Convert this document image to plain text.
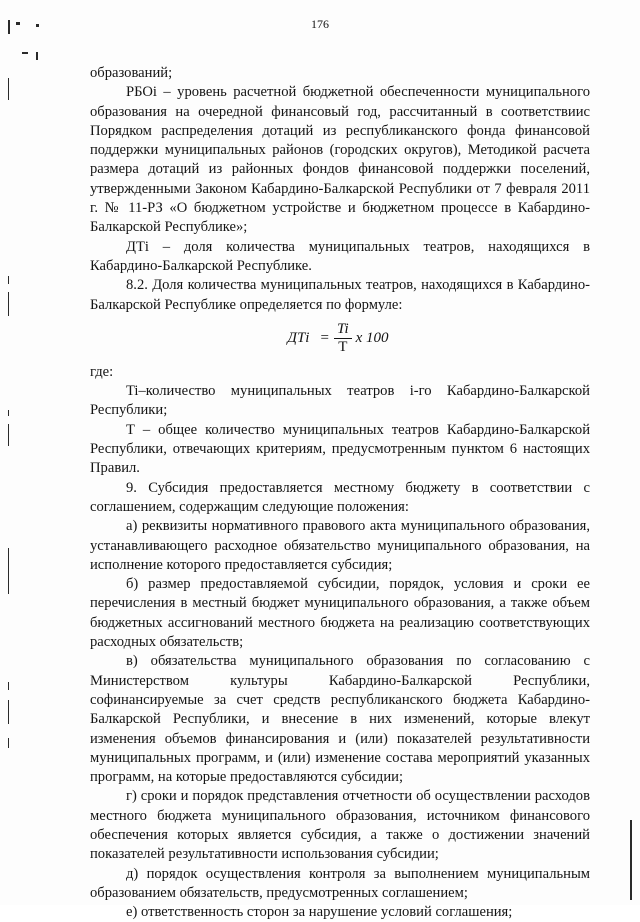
176

образований;

РБОi – уровень расчетной бюджетной обеспеченности муниципального образования на очередной финансовый год, рассчитанный в соответствиис Порядком распределения дотаций из республиканского фонда финансовой поддержки муниципальных районов (городских округов), Методикой расчета размера дотаций из районных фондов финансовой поддержки поселений, утвержденными Законом Кабардино-Балкарской Республики от 7 февраля 2011 г. № 11-РЗ «О бюджетном устройстве и бюджетном процессе в Кабардино-Балкарской Республике»;

ДТi – доля количества муниципальных театров, находящихся в Кабардино-Балкарской Республике.

8.2. Доля количества муниципальных театров, находящихся в Кабардино-Балкарской Республике определяется по формуле:

ДТi = $\frac{Ti}{T}$ x 100

где:

Ti–количество муниципальных театров i-го Кабардино-Балкарской Республики;

Т – общее количество муниципальных театров Кабардино-Балкарской Республики, отвечающих критериям, предусмотренным пунктом 6 настоящих Правил.

9. Субсидия предоставляется местному бюджету в соответствии с соглашением, содержащим следующие положения:

а) реквизиты нормативного правового акта муниципального образования, устанавливающего расходное обязательство муниципального образования, на исполнение которого предоставляется субсидия;

б) размер предоставляемой субсидии, порядок, условия и сроки ее перечисления в местный бюджет муниципального образования, а также объем бюджетных ассигнований местного бюджета на реализацию соответствующих расходных обязательств;

в) обязательства муниципального образования по согласованию с Министерством культуры Кабардино-Балкарской Республики, софинансируемые за счет средств республиканского бюджета Кабардино-Балкарской Республики, и внесение в них изменений, которые влекут изменения объемов финансирования и (или) показателей результативности муниципальных программ, и (или) изменение состава мероприятий указанных программ, на которые предоставляются субсидии;

г) сроки и порядок представления отчетности об осуществлении расходов местного бюджета муниципального образования, источником финансового обеспечения которых является субсидия, а также о достижении значений показателей результативности использования субсидии;

д) порядок осуществления контроля за выполнением муниципальным образованием обязательств, предусмотренных соглашением;

е) ответственность сторон за нарушение условий соглашения;
